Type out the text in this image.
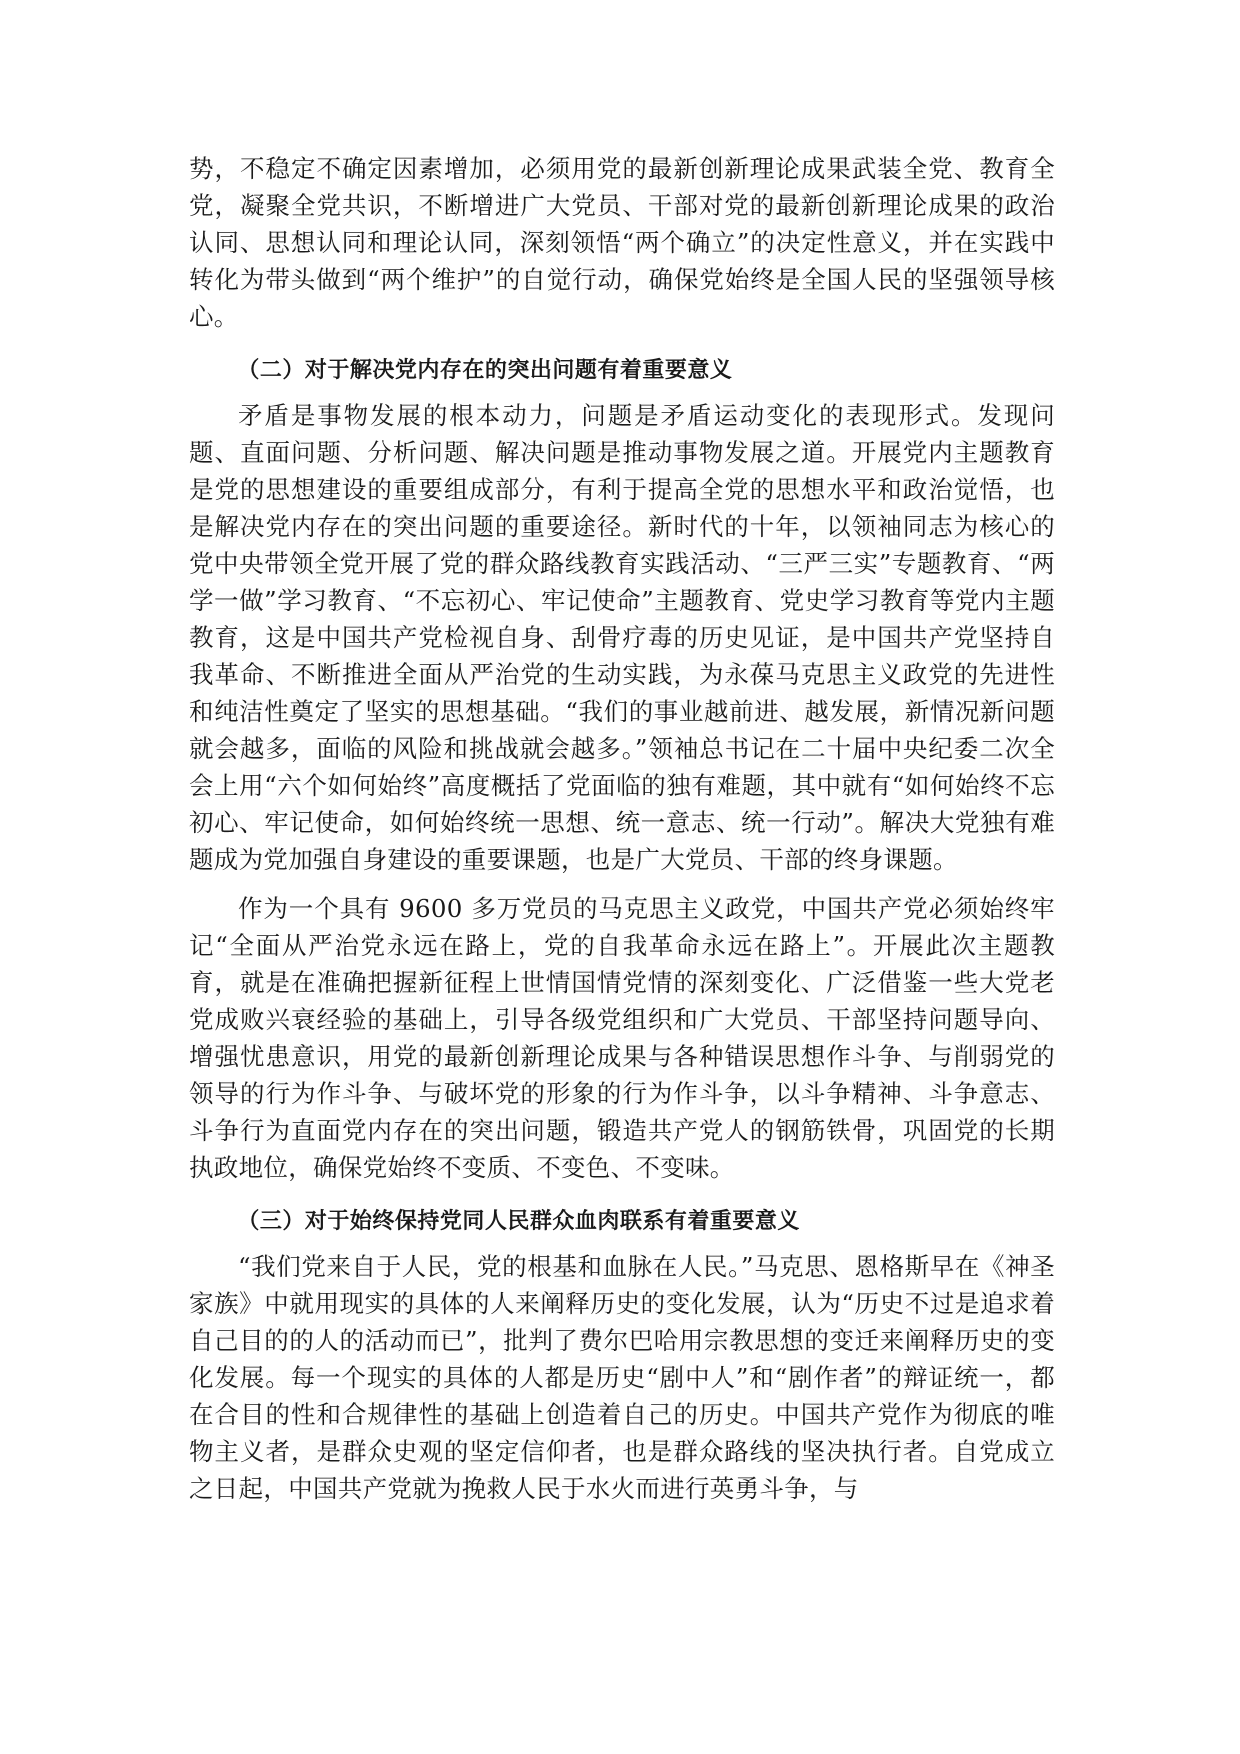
势，不稳定不确定因素增加，必须用党的最新创新理论成果武装全党、教育全党，凝聚全党共识，不断增进广大党员、干部对党的最新创新理论成果的政治认同、思想认同和理论认同，深刻领悟“两个确立”的决定性意义，并在实践中转化为带头做到“两个维护”的自觉行动，确保党始终是全国人民的坚强领导核心。

（二）对于解决党内存在的突出问题有着重要意义

矛盾是事物发展的根本动力，问题是矛盾运动变化的表现形式。发现问题、直面问题、分析问题、解决问题是推动事物发展之道。开展党内主题教育是党的思想建设的重要组成部分，有利于提高全党的思想水平和政治觉悟，也是解决党内存在的突出问题的重要途径。新时代的十年，以领袖同志为核心的党中央带领全党开展了党的群众路线教育实践活动、“三严三实”专题教育、“两学一做”学习教育、“不忘初心、牢记使命”主题教育、党史学习教育等党内主题教育，这是中国共产党检视自身、刮骨疗毒的历史见证，是中国共产党坚持自我革命、不断推进全面从严治党的生动实践，为永葆马克思主义政党的先进性和纯洁性奠定了坚实的思想基础。“我们的事业越前进、越发展，新情况新问题就会越多，面临的风险和挑战就会越多。”领袖总书记在二十届中央纪委二次全会上用“六个如何始终”高度概括了党面临的独有难题，其中就有“如何始终不忘初心、牢记使命，如何始终统一思想、统一意志、统一行动”。解决大党独有难题成为党加强自身建设的重要课题，也是广大党员、干部的终身课题。

作为一个具有 9600 多万党员的马克思主义政党，中国共产党必须始终牢记“全面从严治党永远在路上，党的自我革命永远在路上”。开展此次主题教育，就是在准确把握新征程上世情国情党情的深刻变化、广泛借鉴一些大党老党成败兴衰经验的基础上，引导各级党组织和广大党员、干部坚持问题导向、增强忧患意识，用党的最新创新理论成果与各种错误思想作斗争、与削弱党的领导的行为作斗争、与破坏党的形象的行为作斗争，以斗争精神、斗争意志、斗争行为直面党内存在的突出问题，锻造共产党人的钢筋铁骨，巩固党的长期执政地位，确保党始终不变质、不变色、不变味。

（三）对于始终保持党同人民群众血肉联系有着重要意义

“我们党来自于人民，党的根基和血脉在人民。”马克思、恩格斯早在《神圣家族》中就用现实的具体的人来阐释历史的变化发展，认为“历史不过是追求着自己目的的人的活动而已”，批判了费尔巴哈用宗教思想的变迁来阐释历史的变化发展。每一个现实的具体的人都是历史“剧中人”和“剧作者”的辩证统一，都在合目的性和合规律性的基础上创造着自己的历史。中国共产党作为彻底的唯物主义者，是群众史观的坚定信仰者，也是群众路线的坚决执行者。自党成立之日起，中国共产党就为挽救人民于水火而进行英勇斗争，与
